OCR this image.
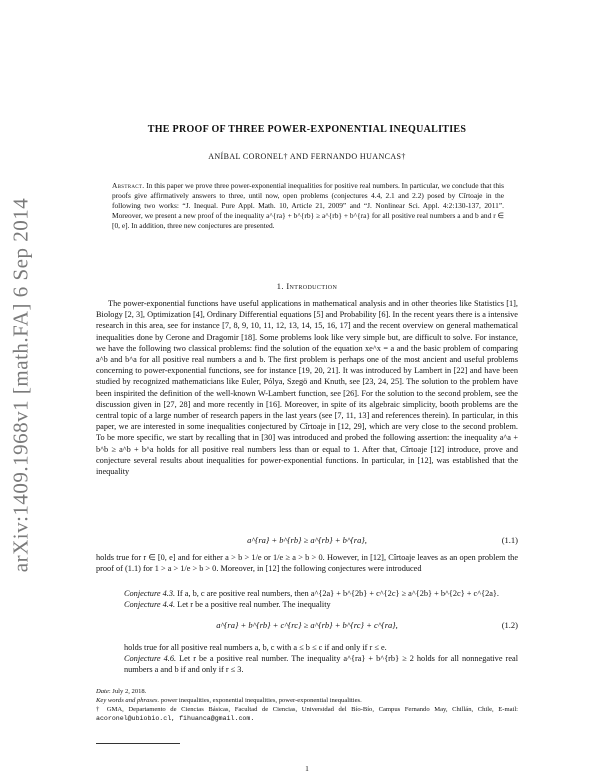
arXiv:1409.1968v1 [math.FA] 6 Sep 2014
THE PROOF OF THREE POWER-EXPONENTIAL INEQUALITIES
ANÍBAL CORONEL† AND FERNANDO HUANCAS†
Abstract. In this paper we prove three power-exponential inequalities for positive real numbers. In particular, we conclude that this proofs give affirmatively answers to three, until now, open problems (conjectures 4.4, 2.1 and 2.2) posed by Cîrtoaje in the following two works: “J. Inequal. Pure Appl. Math. 10, Article 21, 2009” and “J. Nonlinear Sci. Appl. 4:2:130-137, 2011”. Moreover, we present a new proof of the inequality a^{ra} + b^{rb} ≥ a^{rb} + b^{ra} for all positive real numbers a and b and r ∈ [0, e]. In addition, three new conjectures are presented.
1. Introduction

The power-exponential functions have useful applications in mathematical analysis and in other theories like Statistics [1], Biology [2, 3], Optimization [4], Ordinary Differential equations [5] and Probability [6]. In the recent years there is a intensive research in this area, see for instance [7, 8, 9, 10, 11, 12, 13, 14, 15, 16, 17] and the recent overview on general mathematical inequalities done by Cerone and Dragomir [18]. Some problems look like very simple but, are difficult to solve. For instance, we have the following two classical problems: find the solution of the equation xe^x = a and the basic problem of comparing a^b and b^a for all positive real numbers a and b. The first problem is perhaps one of the most ancient and useful problems concerning to power-exponential functions, see for instance [19, 20, 21]. It was introduced by Lambert in [22] and have been studied by recognized mathematicians like Euler, Pólya, Szegö and Knuth, see [23, 24, 25]. The solution to the problem have been inspirited the definition of the well-known W-Lambert function, see [26]. For the solution to the second problem, see the discussion given in [27, 28] and more recently in [16]. Moreover, in spite of its algebraic simplicity, booth problems are the central topic of a large number of research papers in the last years (see [7, 11, 13] and references therein). In particular, in this paper, we are interested in some inequalities conjectured by Cîrtoaje in [12, 29], which are very close to the second problem. To be more specific, we start by recalling that in [30] was introduced and probed the following assertion: the inequality a^a + b^b ≥ a^b + b^a holds for all positive real numbers less than or equal to 1. After that, Cîrtoaje [12] introduce, prove and conjecture several results about inequalities for power-exponential functions. In particular, in [12], was established that the inequality

a^{ra} + b^{rb} ≥ a^{rb} + b^{ra},	(1.1)
holds true for r ∈ [0, e] and for either a > b > 1/e or 1/e ≥ a > b > 0. However, in [12], Cîrtoaje leaves as an open problem the proof of (1.1) for 1 > a > 1/e > b > 0. Moreover, in [12] the following conjectures were introduced
Conjecture 4.3. If a, b, c are positive real numbers, then a^{2a} + b^{2b} + c^{2c} ≥ a^{2b} + b^{2c} + c^{2a}.
Conjecture 4.4. Let r be a positive real number. The inequality
a^{ra} + b^{rb} + c^{rc} ≥ a^{rb} + b^{rc} + c^{ra},	(1.2)
holds true for all positive real numbers a, b, c with a ≤ b ≤ c if and only if r ≤ e.
Conjecture 4.6. Let r be a positive real number. The inequality a^{ra} + b^{rb} ≥ 2 holds for all nonnegative real numbers a and b if and only if r ≤ 3.
Date: July 2, 2018.
Key words and phrases. power inequalities, exponential inequalities, power-exponential inequalities.
† GMA, Departamento de Ciencias Básicas, Facultad de Ciencias, Universidad del Bío-Bío, Campus Fernando May, Chillán, Chile, E-mail: acoronel@ubiobio.cl, fihuanca@gmail.com.
1
